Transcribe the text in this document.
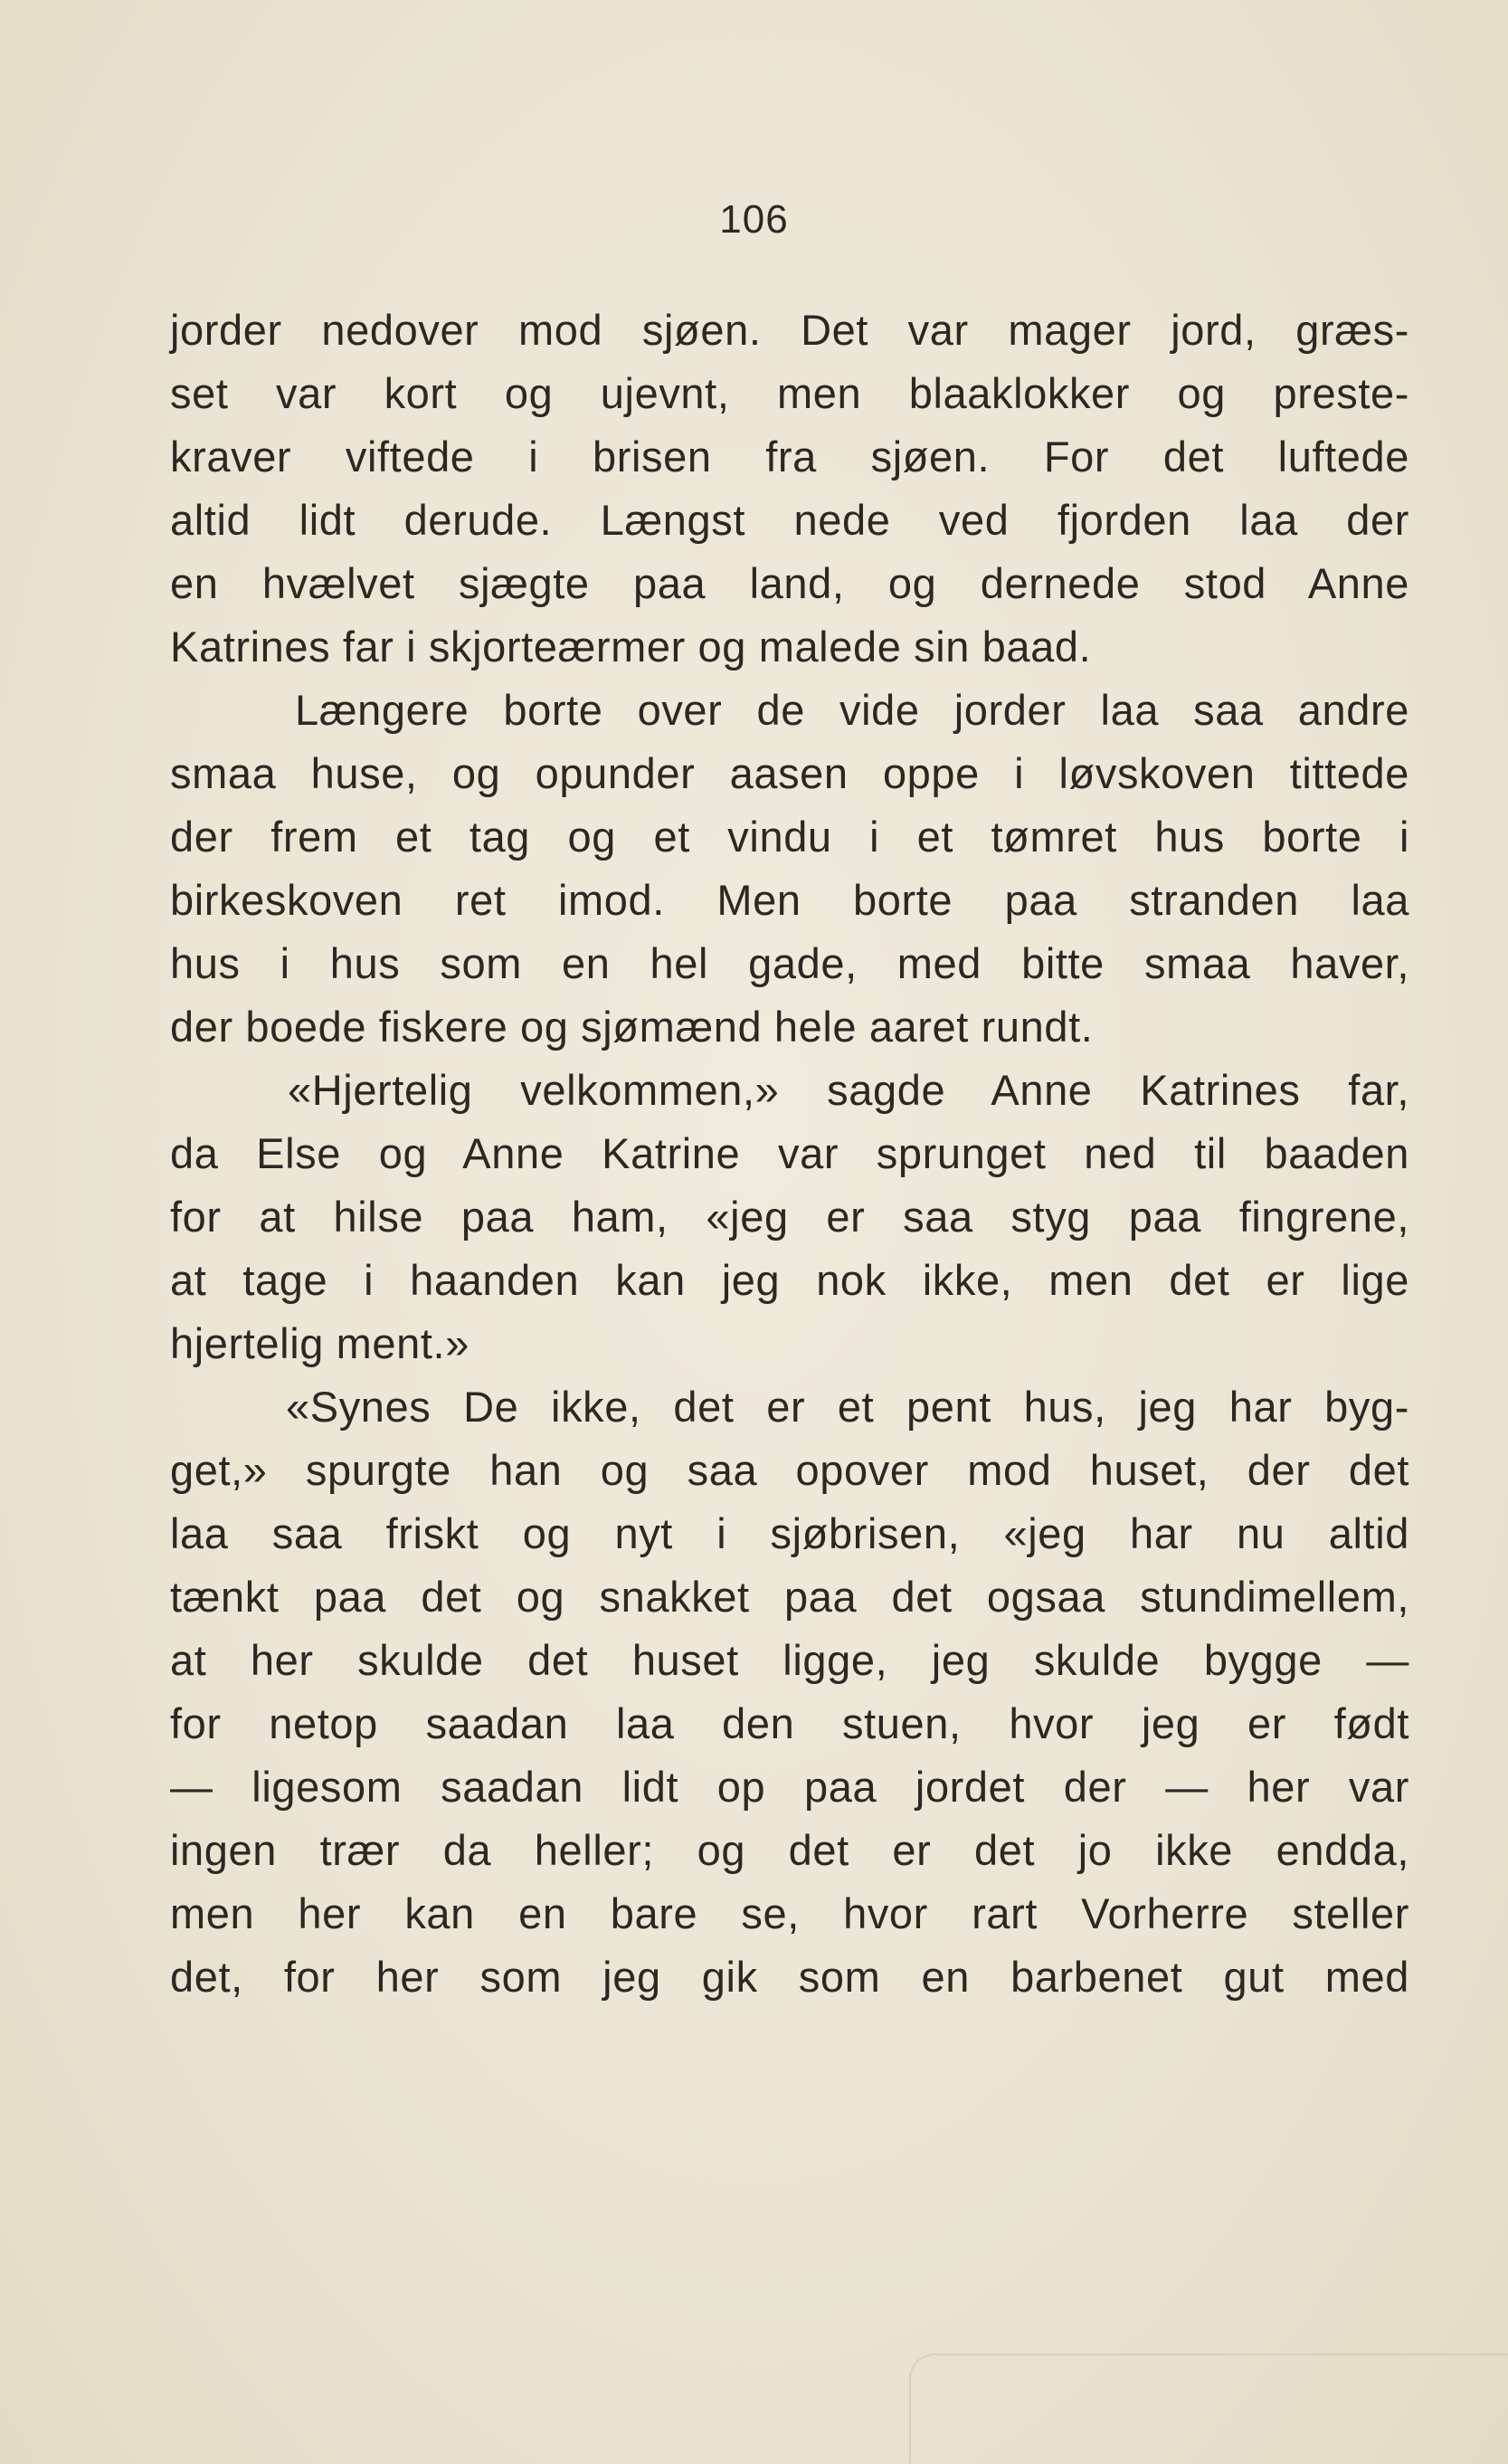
106
jorder nedover mod sjøen. Det var mager jord, græs-
set var kort og ujevnt, men blaaklokker og preste-
kraver viftede i brisen fra sjøen. For det luftede
altid lidt derude. Længst nede ved fjorden laa der
en hvælvet sjægte paa land, og dernede stod Anne
Katrines far i skjorteærmer og malede sin baad.
Længere borte over de vide jorder laa saa andre
smaa huse, og opunder aasen oppe i løvskoven tittede
der frem et tag og et vindu i et tømret hus borte i
birkeskoven ret imod. Men borte paa stranden laa
hus i hus som en hel gade, med bitte smaa haver,
der boede fiskere og sjømænd hele aaret rundt.
«Hjertelig velkommen,» sagde Anne Katrines far,
da Else og Anne Katrine var sprunget ned til baaden
for at hilse paa ham, «jeg er saa styg paa fingrene,
at tage i haanden kan jeg nok ikke, men det er lige
hjertelig ment.»
«Synes De ikke, det er et pent hus, jeg har byg-
get,» spurgte han og saa opover mod huset, der det
laa saa friskt og nyt i sjøbrisen, «jeg har nu altid
tænkt paa det og snakket paa det ogsaa stundimellem,
at her skulde det huset ligge, jeg skulde bygge —
for netop saadan laa den stuen, hvor jeg er født
— ligesom saadan lidt op paa jordet der — her var
ingen trær da heller; og det er det jo ikke endda,
men her kan en bare se, hvor rart Vorherre steller
det, for her som jeg gik som en barbenet gut med
